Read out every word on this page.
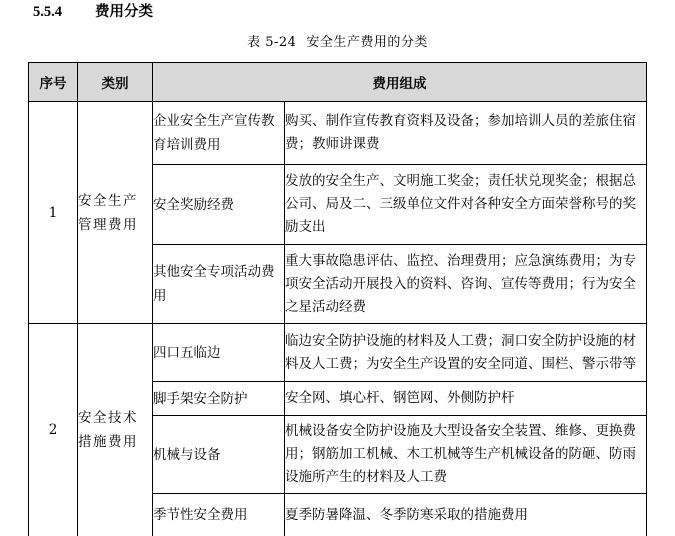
5.5.4 费用分类
表 5-24 安全生产费用的分类
序号	类别	费用组成	
1	安全生产管理费用	企业安全生产宣传教育培训费用	购买、制作宣传教育资料及设备；参加培训人员的差旅住宿费；教师讲课费
		安全奖励经费	发放的安全生产、文明施工奖金；责任状兑现奖金；根据总公司、局及二、三级单位文件对各种安全方面荣誉称号的奖励支出
		其他安全专项活动费用	重大事故隐患评估、监控、治理费用；应急演练费用；为专项安全活动开展投入的资料、咨询、宣传等费用；行为安全之星活动经费
2	安全技术措施费用	四口五临边	临边安全防护设施的材料及人工费；洞口安全防护设施的材料及人工费；为安全生产设置的安全同道、围栏、警示带等
		脚手架安全防护	安全网、填心杆、钢笆网、外侧防护杆
		机械与设备	机械设备安全防护设施及大型设备安全装置、维修、更换费用；钢筋加工机械、木工机械等生产机械设备的防砸、防雨设施所产生的材料及人工费
		季节性安全费用	夏季防暑降温、冬季防寒采取的措施费用
